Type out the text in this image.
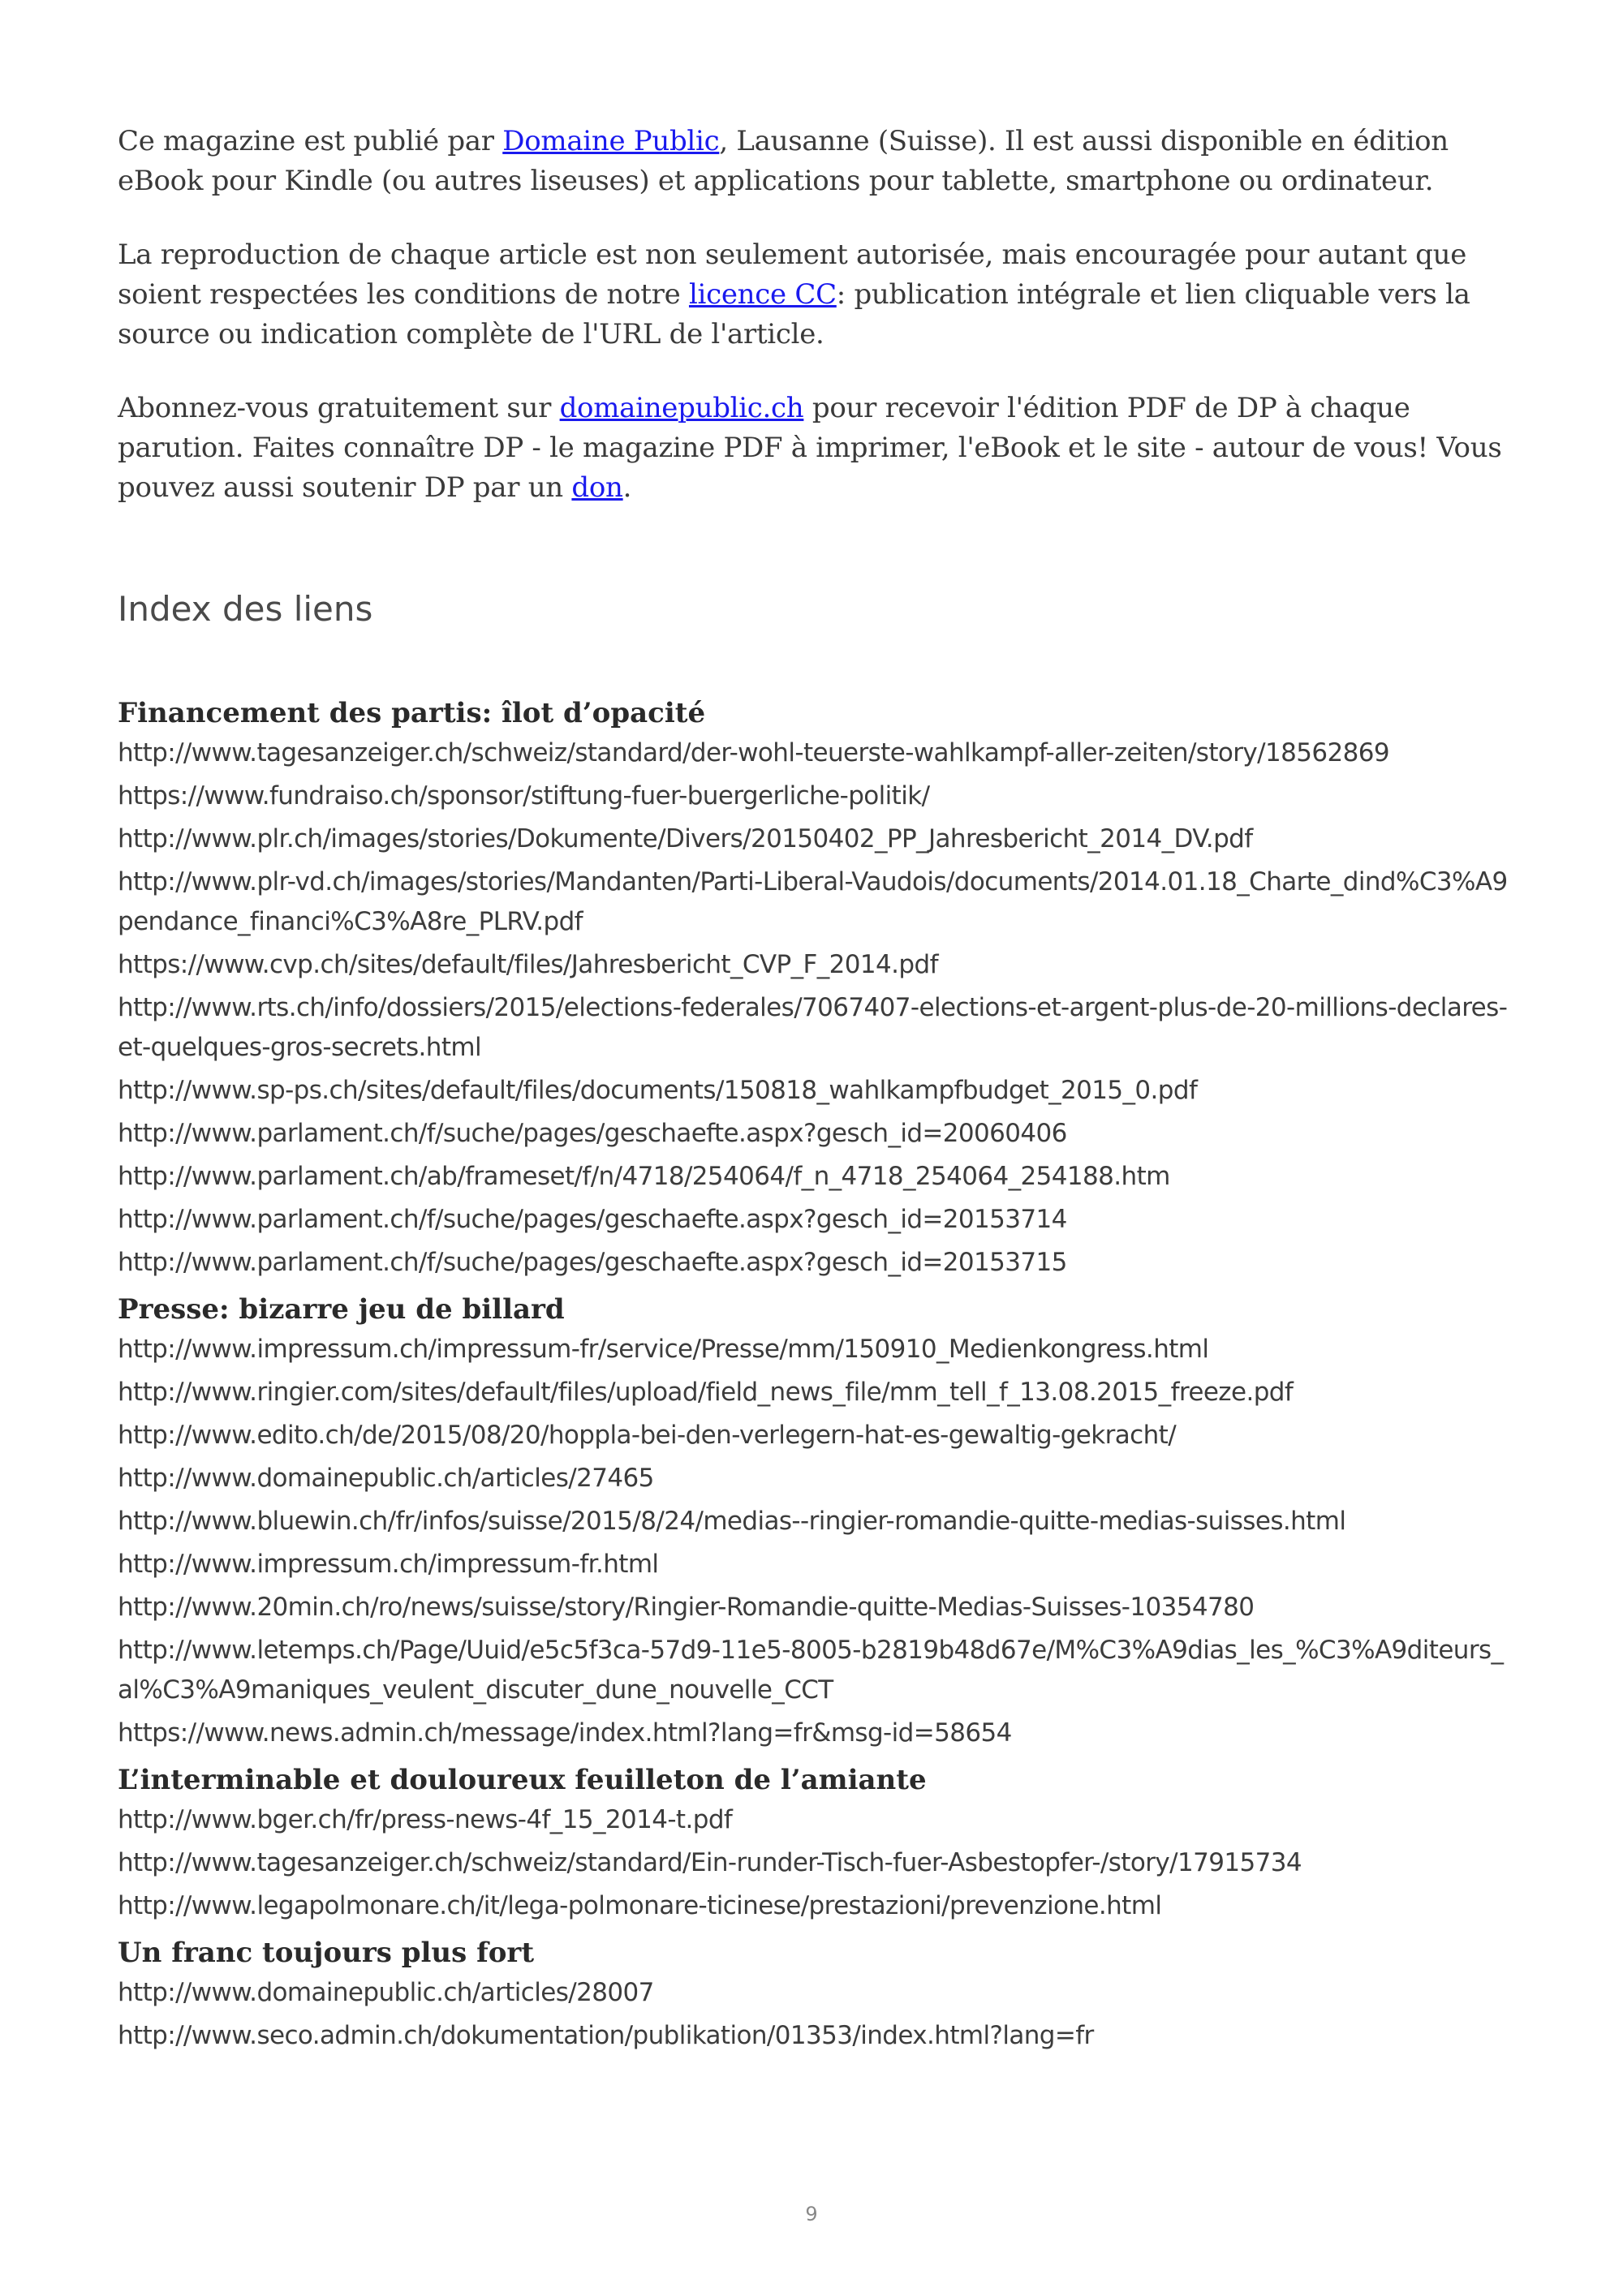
Ce magazine est publié par Domaine Public, Lausanne (Suisse). Il est aussi disponible en édition eBook pour Kindle (ou autres liseuses) et applications pour tablette, smartphone ou ordinateur.

La reproduction de chaque article est non seulement autorisée, mais encouragée pour autant que soient respectées les conditions de notre licence CC: publication intégrale et lien cliquable vers la source ou indication complète de l'URL de l'article.

Abonnez-vous gratuitement sur domainepublic.ch pour recevoir l'édition PDF de DP à chaque parution. Faites connaître DP - le magazine PDF à imprimer, l'eBook et le site - autour de vous! Vous pouvez aussi soutenir DP par un don.

Index des liens
Financement des partis: îlot d’opacité
http://www.tagesanzeiger.ch/schweiz/standard/der-wohl-teuerste-wahlkampf-aller-zeiten/story/18562869
https://www.fundraiso.ch/sponsor/stiftung-fuer-buergerliche-politik/
http://www.plr.ch/images/stories/Dokumente/Divers/20150402_PP_Jahresbericht_2014_DV.pdf
http://www.plr-vd.ch/images/stories/Mandanten/Parti-Liberal-Vaudois/documents/2014.01.18_Charte_dind%C3%A9pendance_financi%C3%A8re_PLRV.pdf
https://www.cvp.ch/sites/default/files/Jahresbericht_CVP_F_2014.pdf
http://www.rts.ch/info/dossiers/2015/elections-federales/7067407-elections-et-argent-plus-de-20-millions-declares-et-quelques-gros-secrets.html
http://www.sp-ps.ch/sites/default/files/documents/150818_wahlkampfbudget_2015_0.pdf
http://www.parlament.ch/f/suche/pages/geschaefte.aspx?gesch_id=20060406
http://www.parlament.ch/ab/frameset/f/n/4718/254064/f_n_4718_254064_254188.htm
http://www.parlament.ch/f/suche/pages/geschaefte.aspx?gesch_id=20153714
http://www.parlament.ch/f/suche/pages/geschaefte.aspx?gesch_id=20153715
Presse: bizarre jeu de billard
http://www.impressum.ch/impressum-fr/service/Presse/mm/150910_Medienkongress.html
http://www.ringier.com/sites/default/files/upload/field_news_file/mm_tell_f_13.08.2015_freeze.pdf
http://www.edito.ch/de/2015/08/20/hoppla-bei-den-verlegern-hat-es-gewaltig-gekracht/
http://www.domainepublic.ch/articles/27465
http://www.bluewin.ch/fr/infos/suisse/2015/8/24/medias--ringier-romandie-quitte-medias-suisses.html
http://www.impressum.ch/impressum-fr.html
http://www.20min.ch/ro/news/suisse/story/Ringier-Romandie-quitte-Medias-Suisses-10354780
http://www.letemps.ch/Page/Uuid/e5c5f3ca-57d9-11e5-8005-b2819b48d67e/M%C3%A9dias_les_%C3%A9diteurs_al%C3%A9maniques_veulent_discuter_dune_nouvelle_CCT
https://www.news.admin.ch/message/index.html?lang=fr&msg-id=58654
L’interminable et douloureux feuilleton de l’amiante
http://www.bger.ch/fr/press-news-4f_15_2014-t.pdf
http://www.tagesanzeiger.ch/schweiz/standard/Ein-runder-Tisch-fuer-Asbestopfer-/story/17915734
http://www.legapolmonare.ch/it/lega-polmonare-ticinese/prestazioni/prevenzione.html
Un franc toujours plus fort
http://www.domainepublic.ch/articles/28007
http://www.seco.admin.ch/dokumentation/publikation/01353/index.html?lang=fr
9
